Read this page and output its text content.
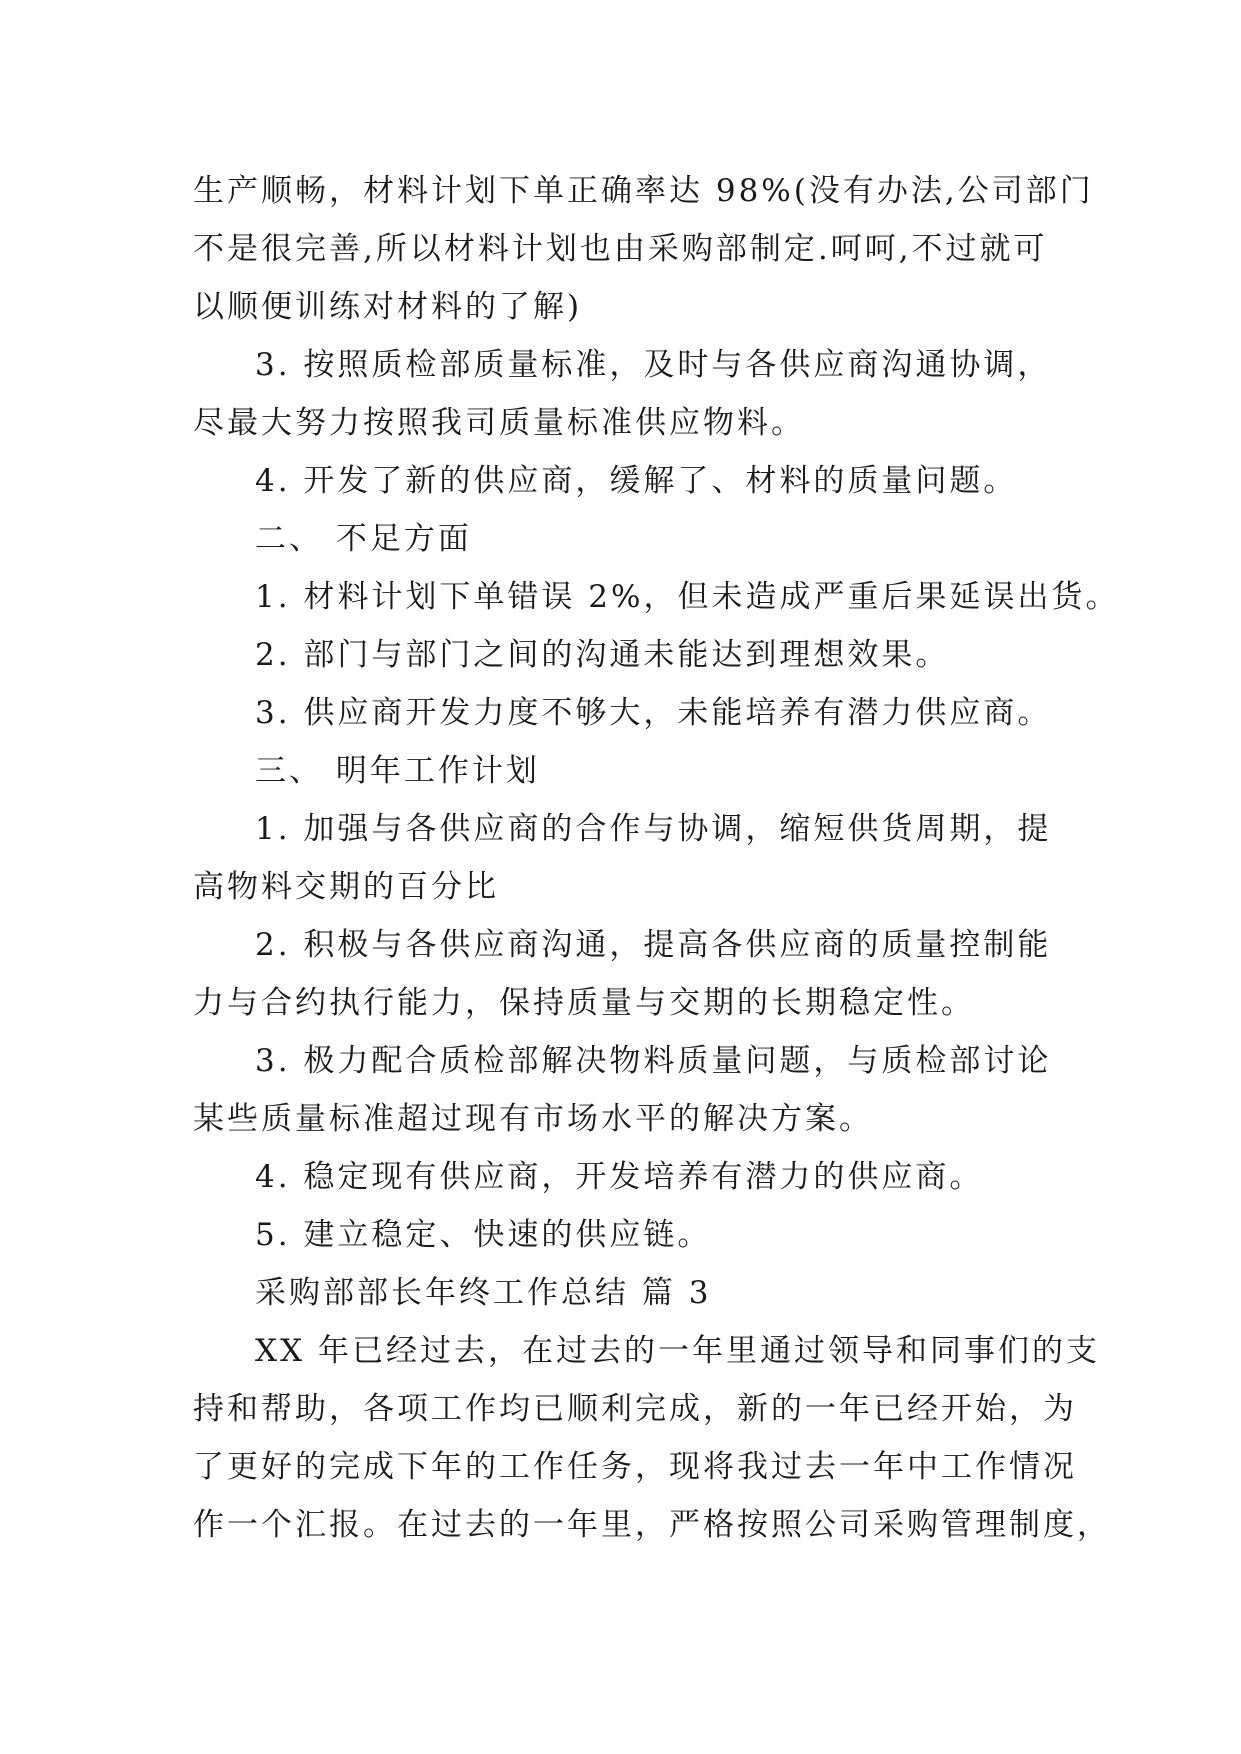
生产顺畅，材料计划下单正确率达 98%(没有办法,公司部门
不是很完善,所以材料计划也由采购部制定.呵呵,不过就可
以顺便训练对材料的了解)
3. 按照质检部质量标准，及时与各供应商沟通协调，
尽最大努力按照我司质量标准供应物料。
4. 开发了新的供应商，缓解了、材料的质量问题。
二、 不足方面
1. 材料计划下单错误 2%，但未造成严重后果延误出货。
2. 部门与部门之间的沟通未能达到理想效果。
3. 供应商开发力度不够大，未能培养有潜力供应商。
三、 明年工作计划
1. 加强与各供应商的合作与协调，缩短供货周期，提
高物料交期的百分比
2. 积极与各供应商沟通，提高各供应商的质量控制能
力与合约执行能力，保持质量与交期的长期稳定性。
3. 极力配合质检部解决物料质量问题，与质检部讨论
某些质量标准超过现有市场水平的解决方案。
4. 稳定现有供应商，开发培养有潜力的供应商。
5. 建立稳定、快速的供应链。
采购部部长年终工作总结 篇 3
XX 年已经过去，在过去的一年里通过领导和同事们的支
持和帮助，各项工作均已顺利完成，新的一年已经开始，为
了更好的完成下年的工作任务，现将我过去一年中工作情况
作一个汇报。在过去的一年里，严格按照公司采购管理制度，
